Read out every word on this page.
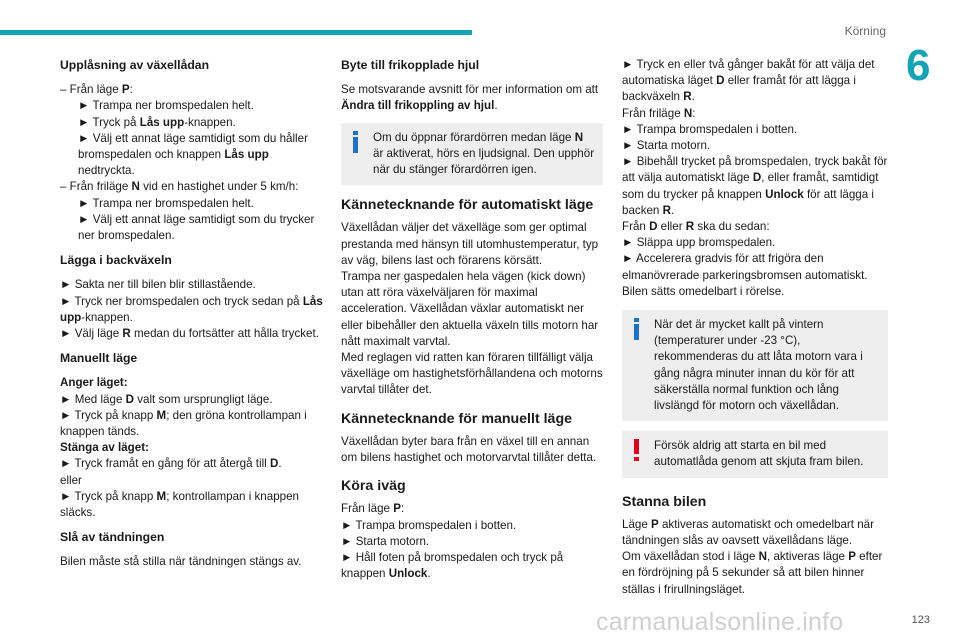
Körning
6
Upplåsning av växellådan

– Från läge P:

► Trampa ner bromspedalen helt.

► Tryck på Lås upp-knappen.

► Välj ett annat läge samtidigt som du håller bromspedalen och knappen Lås upp nedtryckta.

– Från friläge N vid en hastighet under 5 km/h:

► Trampa ner bromspedalen helt.

► Välj ett annat läge samtidigt som du trycker ner bromspedalen.

Lägga i backväxeln

► Sakta ner till bilen blir stillastående.

► Tryck ner bromspedalen och tryck sedan på Lås upp-knappen.

► Välj läge R medan du fortsätter att hålla trycket.

Manuellt läge

Anger läget:

► Med läge D valt som ursprungligt läge.

► Tryck på knapp M; den gröna kontrollampan i knappen tänds.

Stänga av läget:

► Tryck framåt en gång för att återgå till D.

eller

► Tryck på knapp M; kontrollampan i knappen släcks.

Slå av tändningen

Bilen måste stå stilla när tändningen stängs av.

Byte till frikopplade hjul

Se motsvarande avsnitt för mer information om att Ändra till frikoppling av hjul.

Om du öppnar förardörren medan läge N är aktiverat, hörs en ljudsignal. Den upphör när du stänger förardörren igen.

Kännetecknande för automatiskt läge

Växellådan väljer det växelläge som ger optimal prestanda med hänsyn till utomhustemperatur, typ av väg, bilens last och förarens körsätt.

Trampa ner gaspedalen hela vägen (kick down) utan att röra växelväljaren för maximal acceleration. Växellådan växlar automatiskt ner eller bibehåller den aktuella växeln tills motorn har nått maximalt varvtal.

Med reglagen vid ratten kan föraren tillfälligt välja växelläge om hastighetsförhållandena och motorns varvtal tillåter det.

Kännetecknande för manuellt läge

Växellådan byter bara från en växel till en annan om bilens hastighet och motorvarvtal tillåter detta.

Köra iväg

Från läge P:

► Trampa bromspedalen i botten.

► Starta motorn.

► Håll foten på bromspedalen och tryck på knappen Unlock.

► Tryck en eller två gånger bakåt för att välja det automatiska läget D eller framåt för att lägga i backväxeln R.

Från friläge N:

► Trampa bromspedalen i botten.

► Starta motorn.

► Bibehåll trycket på bromspedalen, tryck bakåt för att välja automatiskt läge D, eller framåt, samtidigt som du trycker på knappen Unlock för att lägga i backen R.

Från D eller R ska du sedan:

► Släppa upp bromspedalen.

► Accelerera gradvis för att frigöra den elmanövrerade parkeringsbromsen automatiskt.

Bilen sätts omedelbart i rörelse.

När det är mycket kallt på vintern (temperaturer under -23 °C), rekommenderas du att låta motorn vara i gång några minuter innan du kör för att säkerställa normal funktion och lång livslängd för motorn och växellådan.

Försök aldrig att starta en bil med automatlåda genom att skjuta fram bilen.

Stanna bilen

Läge P aktiveras automatiskt och omedelbart när tändningen slås av oavsett växellådans läge.

Om växellådan stod i läge N, aktiveras läge P efter en fördröjning på 5 sekunder så att bilen hinner ställas i frirullningsläget.

carmanualsonline.info	123
